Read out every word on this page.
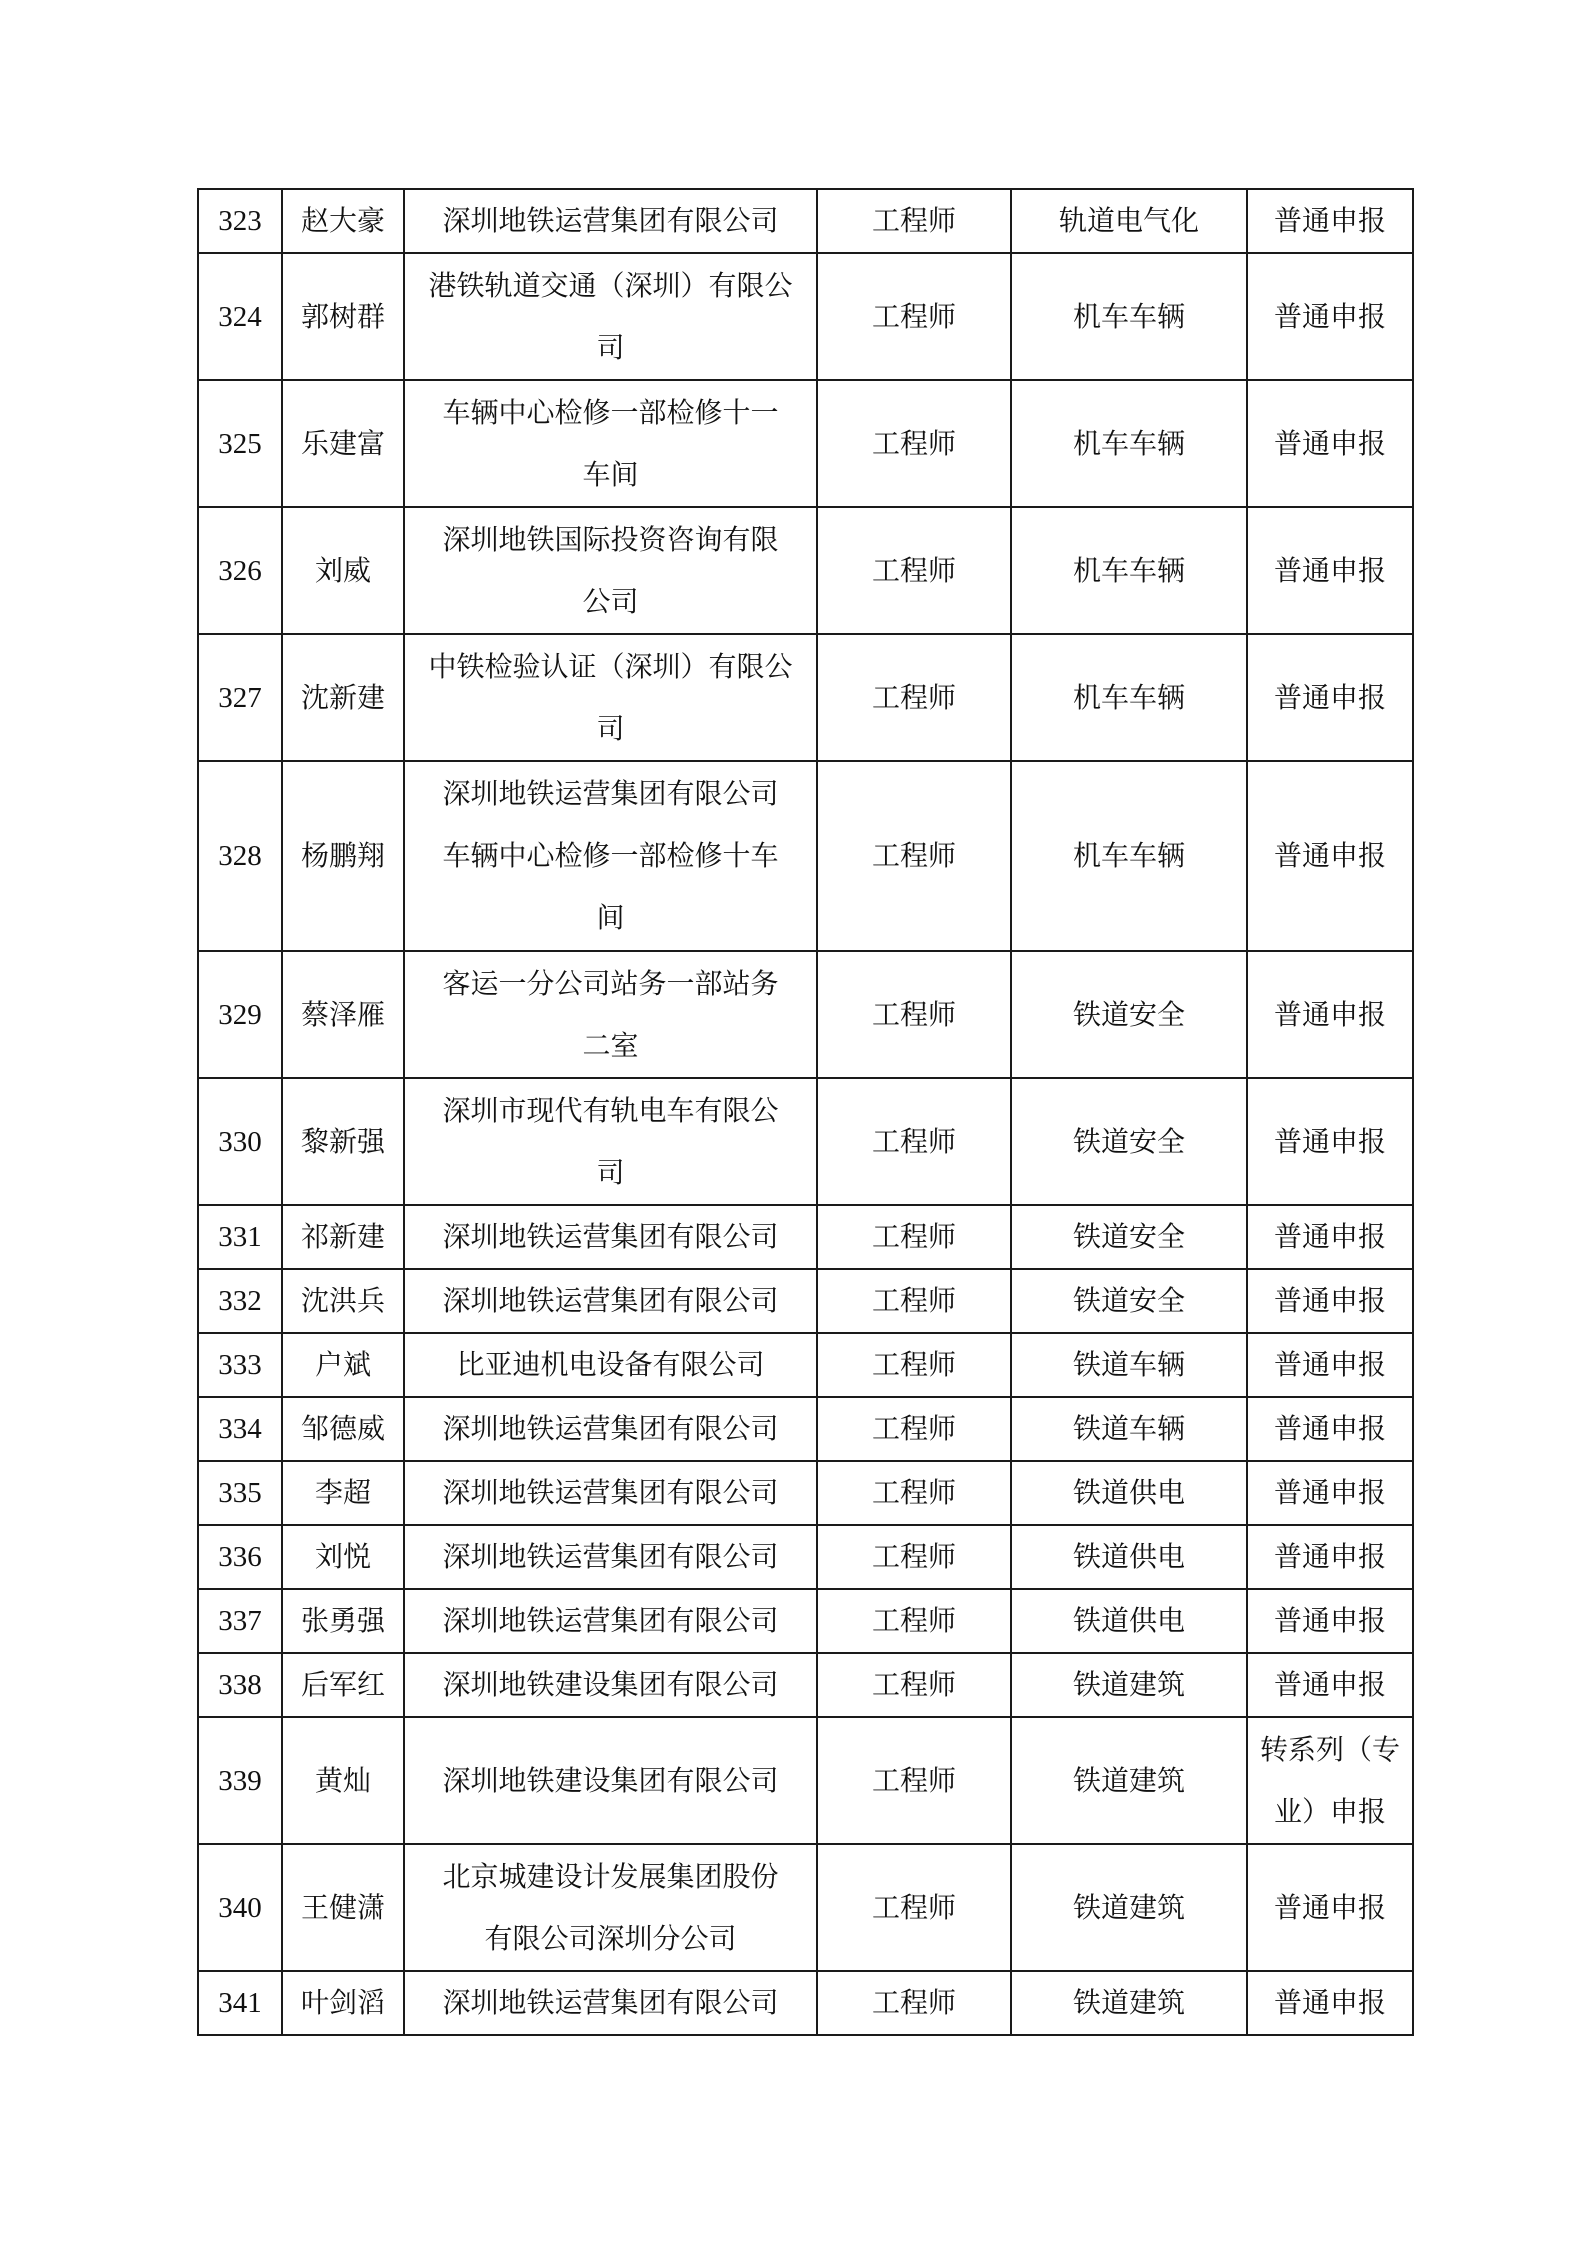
323	赵大豪	深圳地铁运营集团有限公司	工程师	轨道电气化	普通申报

324	郭树群	港铁轨道交通（深圳）有限公
司	工程师	机车车辆	普通申报

325	乐建富	车辆中心检修一部检修十一
车间	工程师	机车车辆	普通申报

326	刘威	深圳地铁国际投资咨询有限
公司	工程师	机车车辆	普通申报

327	沈新建	中铁检验认证（深圳）有限公
司	工程师	机车车辆	普通申报

328	杨鹏翔	深圳地铁运营集团有限公司
车辆中心检修一部检修十车
间	工程师	机车车辆	普通申报

329	蔡泽雁	客运一分公司站务一部站务
二室	工程师	铁道安全	普通申报

330	黎新强	深圳市现代有轨电车有限公
司	工程师	铁道安全	普通申报

331	祁新建	深圳地铁运营集团有限公司	工程师	铁道安全	普通申报

332	沈洪兵	深圳地铁运营集团有限公司	工程师	铁道安全	普通申报

333	户斌	比亚迪机电设备有限公司	工程师	铁道车辆	普通申报

334	邹德威	深圳地铁运营集团有限公司	工程师	铁道车辆	普通申报

335	李超	深圳地铁运营集团有限公司	工程师	铁道供电	普通申报

336	刘悦	深圳地铁运营集团有限公司	工程师	铁道供电	普通申报

337	张勇强	深圳地铁运营集团有限公司	工程师	铁道供电	普通申报

338	后军红	深圳地铁建设集团有限公司	工程师	铁道建筑	普通申报

339	黄灿	深圳地铁建设集团有限公司	工程师	铁道建筑	转系列（专
业）申报

340	王健潇	北京城建设计发展集团股份
有限公司深圳分公司	工程师	铁道建筑	普通申报

341	叶剑滔	深圳地铁运营集团有限公司	工程师	铁道建筑	普通申报
